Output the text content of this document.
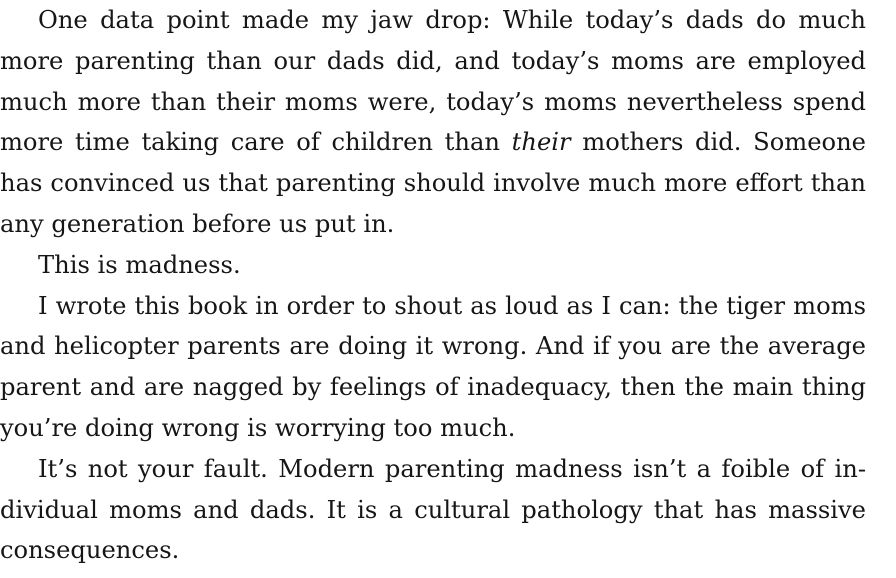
One data point made my jaw drop: While today’s dads do much
more parenting than our dads did, and today’s moms are employed
much more than their moms were, today’s moms nevertheless spend
more time taking care of children than their mothers did. Someone
has convinced us that parenting should involve much more effort than
any generation before us put in.
This is madness.
I wrote this book in order to shout as loud as I can: the tiger moms
and helicopter parents are doing it wrong. And if you are the average
parent and are nagged by feelings of inadequacy, then the main thing
you’re doing wrong is worrying too much.
It’s not your fault. Modern parenting madness isn’t a foible of in-
dividual moms and dads. It is a cultural pathology that has massive
consequences.
